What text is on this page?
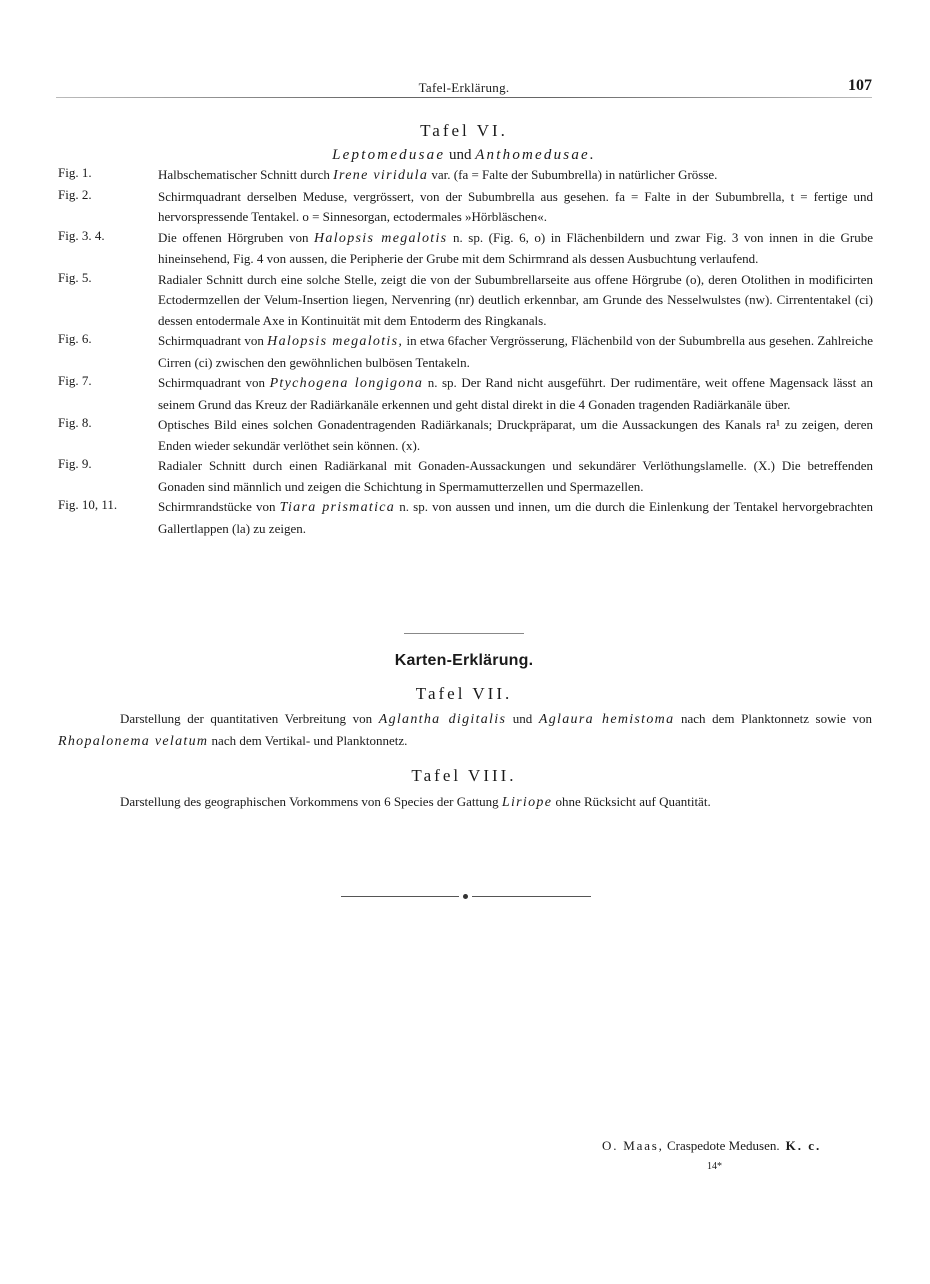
Tafel-Erklärung.	107
Tafel VI.
Leptomedusae und Anthomedusae.
Fig. 1.	Halbschematischer Schnitt durch Irene viridula var. (fa = Falte der Subumbrella) in natürlicher Grösse.
Fig. 2.	Schirmquadrant derselben Meduse, vergrössert, von der Subumbrella aus gesehen. fa = Falte in der Subumbrella, t = fertige und hervorspressende Tentakel. o = Sinnesorgan, ectodermales »Hörbläschen«.
Fig. 3. 4.	Die offenen Hörgruben von Halopsis megalotis n. sp. (Fig. 6, o) in Flächenbildern und zwar Fig. 3 von innen in die Grube hineinsehend, Fig. 4 von aussen, die Peripherie der Grube mit dem Schirmrand als dessen Ausbuchtung verlaufend.
Fig. 5.	Radialer Schnitt durch eine solche Stelle, zeigt die von der Subumbrellarseite aus offene Hörgrube (o), deren Otolithen in modificirten Ectodermzellen der Velum-Insertion liegen, Nervenring (nr) deutlich erkennbar, am Grunde des Nesselwulstes (nw). Cirrententakel (ci) dessen entodermale Axe in Kontinuität mit dem Entoderm des Ringkanals.
Fig. 6.	Schirmquadrant von Halopsis megalotis, in etwa 6facher Vergrösserung, Flächenbild von der Subumbrella aus gesehen. Zahlreiche Cirren (ci) zwischen den gewöhnlichen bulbösen Tentakeln.
Fig. 7.	Schirmquadrant von Ptychogena longigona n. sp. Der Rand nicht ausgeführt. Der rudimentäre, weit offene Magensack lässt an seinem Grund das Kreuz der Radiärkanäle erkennen und geht distal direkt in die 4 Gonaden tragenden Radiärkanäle über.
Fig. 8.	Optisches Bild eines solchen Gonadentragenden Radiärkanals; Druckpräparat, um die Aussackungen des Kanals ra¹ zu zeigen, deren Enden wieder sekundär verlöthet sein können. (x).
Fig. 9.	Radialer Schnitt durch einen Radiärkanal mit Gonaden-Aussackungen und sekundärer Verlöthungslamelle. (X.) Die betreffenden Gonaden sind männlich und zeigen die Schichtung in Spermamutterzellen und Spermazellen.
Fig. 10, 11.	Schirmrandstücke von Tiara prismatica n. sp. von aussen und innen, um die durch die Einlenkung der Tentakel hervorgebrachten Gallertlappen (la) zu zeigen.
Karten-Erklärung.
Tafel VII.
Darstellung der quantitativen Verbreitung von Aglantha digitalis und Aglaura hemistoma nach dem Planktonnetz sowie von Rhopalonema velatum nach dem Vertikal- und Planktonnetz.
Tafel VIII.
Darstellung des geographischen Vorkommens von 6 Species der Gattung Liriope ohne Rücksicht auf Quantität.
O. Maas, Craspedote Medusen. K. c.
14*
